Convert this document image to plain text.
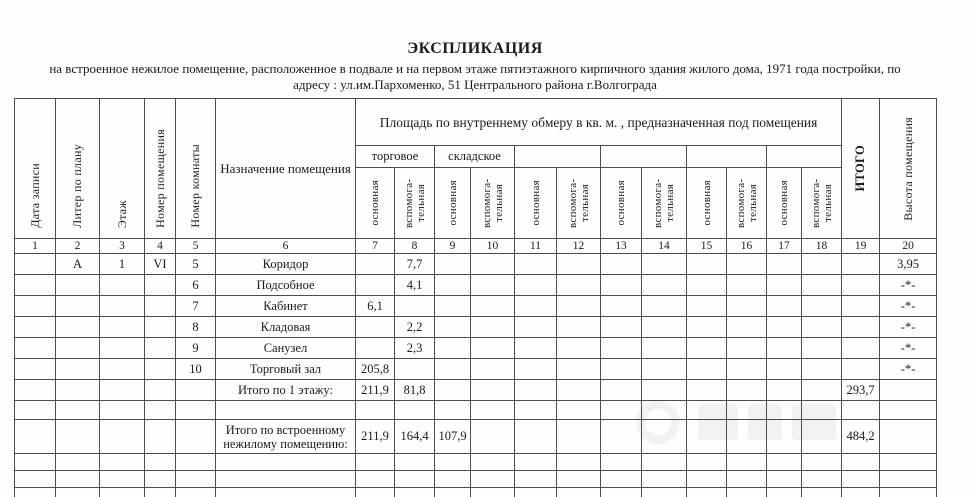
ЭКСПЛИКАЦИЯ
на встроенное нежилое помещение, расположенное в подвале и на первом этаже пятиэтажного кирпичного здания жилого дома, 1971 года постройки, по адресу : ул.им.Пархоменко, 51 Центрального района г.Волгограда
Дата записи	Литер по плану	Этаж	Номер помещения	Номер комнаты	Назначение помещения	Площадь по внутреннему обмеру в кв. м. , предназначенная под помещения												ИТОГО	Высота помещения

						торговое		складское											

						основная	вспомога-тельная	основная	вспомога-тельная	основная	вспомога-тельная	основная	вспомога-тельная	основная	вспомога-тельная	основная	вспомога-тельная		

1	2	3	4	5	6	7	8	9	10	11	12	13	14	15	16	17	18	19	20
	А	1	VI	5	Коридор		7,7												3,95
				6	Подсобное		4,1												-*-
				7	Кабинет	6,1													-*-
				8	Кладовая		2,2												-*-
				9	Санузел		2,3												-*-
				10	Торговый зал	205,8													-*-
					Итого по 1 этажу:	211,9	81,8											293,7	

					Итого по встроенному нежилому помещению:	211,9	164,4	107,9										484,2	
